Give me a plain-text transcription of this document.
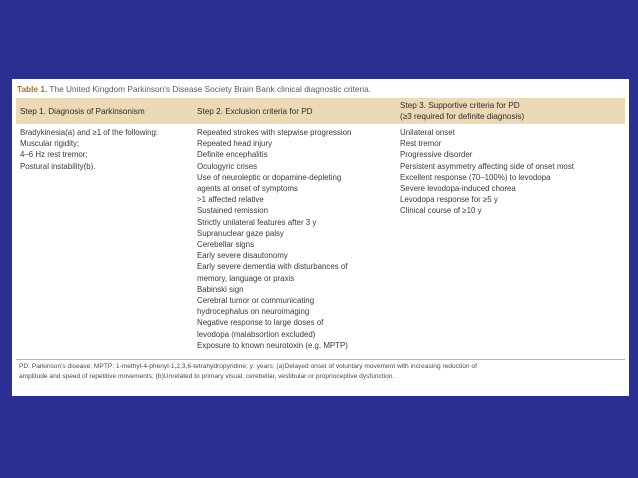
Table 1. The United Kingdom Parkinson's Disease Society Brain Bank clinical diagnostic criteria.
Step 1. Diagnosis of Parkinsonism	Step 2. Exclusion criteria for PD
Step 3. Supportive criteria for PD
(≥3 required for definite diagnosis)
Bradykinesia(a) and ≥1 of the following:
Muscular rigidity;
4–6 Hz rest tremor;
Postural instability(b).
Repeated strokes with stepwise progression
Repeated head injury
Definite encephalitis
Oculogyric crises
Use of neuroleptic or dopamine-depleting
agents at onset of symptoms
>1 affected relative
Sustained remission
Strictly unilateral features after 3 y
Supranuclear gaze palsy
Cerebellar signs
Early severe disautonomy
Early severe dementia with disturbances of
memory, language or praxis
Babinski sign
Cerebral tumor or communicating
hydrocephalus on neuroimaging
Negative response to large doses of
levodopa (malabsortion excluded)
Exposure to known neurotoxin (e.g. MPTP)
Unilateral onset
Rest tremor
Progressive disorder
Persistent asymmetry affecting side of onset most
Excellent response (70–100%) to levodopa
Severe levodopa-induced chorea
Levodopa response for ≥5 y
Clinical course of ≥10 y
PD: Parkinson's disease; MPTP: 1-methyl-4-phenyl-1,2,3,6-tetrahydropyridine; y: years; (a)Delayed onset of voluntary movement with increasing reduction of
amplitude and speed of repetitive movements; (b)Unrelated to primary visual, cerebellar, vestibular or proprioceptive dysfunction.
